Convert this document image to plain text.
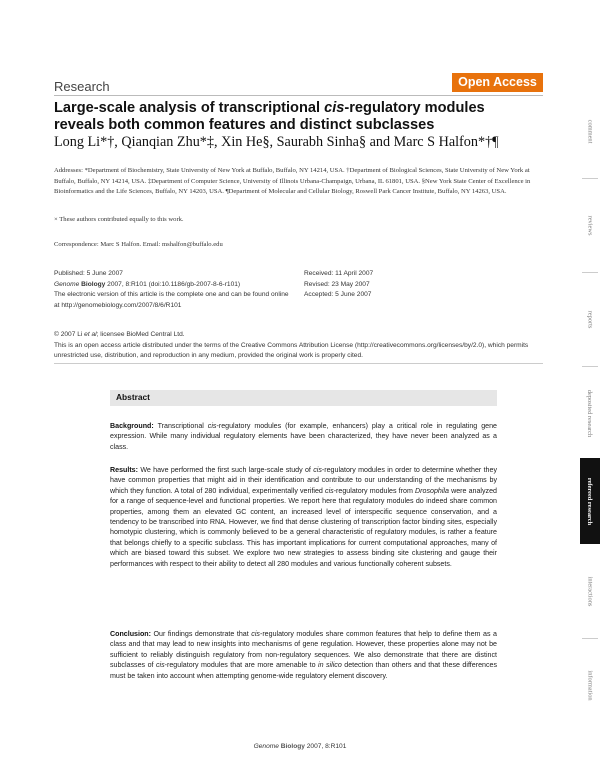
Research	Open Access
Large-scale analysis of transcriptional cis-regulatory modules
reveals both common features and distinct subclasses
Long Li*†, Qianqian Zhu*‡, Xin He§, Saurabh Sinha§ and Marc S Halfon*†¶
Addresses: *Department of Biochemistry, State University of New York at Buffalo, Buffalo, NY 14214, USA. †Department of Biological Sciences, State University of New York at Buffalo, Buffalo, NY 14214, USA. ‡Department of Computer Science, University of Illinois Urbana-Champaign, Urbana, IL 61801, USA. §New York State Center of Excellence in Bioinformatics and the Life Sciences, Buffalo, NY 14203, USA. ¶Department of Molecular and Cellular Biology, Roswell Park Cancer Institute, Buffalo, NY 14263, USA.
× These authors contributed equally to this work.
Correspondence: Marc S Halfon. Email: mshalfon@buffalo.edu
Published: 5 June 2007
Genome Biology 2007, 8:R101 (doi:10.1186/gb-2007-8-6-r101)
The electronic version of this article is the complete one and can be found online at http://genomebiology.com/2007/8/6/R101
Received: 11 April 2007
Revised: 23 May 2007
Accepted: 5 June 2007
© 2007 Li et al; licensee BioMed Central Ltd.
This is an open access article distributed under the terms of the Creative Commons Attribution License (http://creativecommons.org/licenses/by/2.0), which permits unrestricted use, distribution, and reproduction in any medium, provided the original work is properly cited.
Abstract
Background: Transcriptional cis-regulatory modules (for example, enhancers) play a critical role in regulating gene expression. While many individual regulatory elements have been characterized, they have never been analyzed as a class.
Results: We have performed the first such large-scale study of cis-regulatory modules in order to determine whether they have common properties that might aid in their identification and contribute to our understanding of the mechanisms by which they function. A total of 280 individual, experimentally verified cis-regulatory modules from Drosophila were analyzed for a range of sequence-level and functional properties. We report here that regulatory modules do indeed share common properties, among them an elevated GC content, an increased level of interspecific sequence conservation, and a tendency to be transcribed into RNA. However, we find that dense clustering of transcription factor binding sites, especially homotypic clustering, which is commonly believed to be a general characteristic of regulatory modules, is rather a feature that belongs chiefly to a specific subclass. This has important implications for current computational approaches, many of which are biased toward this subset. We explore two new strategies to assess binding site clustering and gauge their performances with respect to their ability to detect all 280 modules and various functionally coherent subsets.
Conclusion: Our findings demonstrate that cis-regulatory modules share common features that help to define them as a class and that may lead to new insights into mechanisms of gene regulation. However, these properties alone may not be sufficient to reliably distinguish regulatory from non-regulatory sequences. We also demonstrate that there are distinct subclasses of cis-regulatory modules that are more amenable to in silico detection than others and that these differences must be taken into account when attempting genome-wide regulatory element discovery.
Genome Biology 2007, 8:R101
comment
reviews
reports
deposited research
refereed research
interactions
information
